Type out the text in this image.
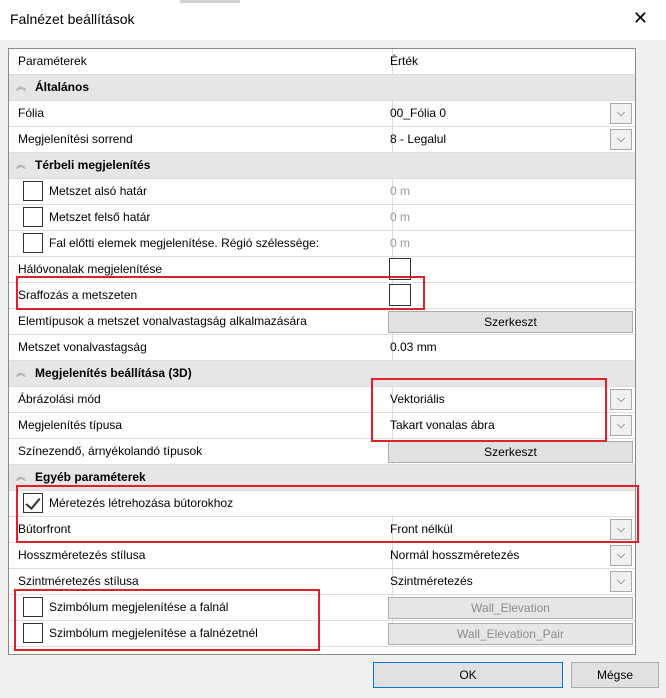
Falnézet beállítások	✕
Paraméterek	Érték
︽ Általános
Fólia	00_Fólia 0	⌵
Megjelenítési sorrend	8 - Legalul	⌵
︽ Térbeli megjelenítés
Metszet alsó határ	0 m
Metszet felső határ	0 m
Fal előtti elemek megjelenítése. Régió szélessége:	0 m
Hálóvonalak megjelenítése
Sraffozás a metszeten
Elemtípusok a metszet vonalvastagság alkalmazására	Szerkeszt
Metszet vonalvastagság	0.03 mm
︽ Megjelenítés beállítása (3D)
Ábrázolási mód	Vektoriális	⌵
Megjelenítés típusa	Takart vonalas ábra	⌵
Színezendő, árnyékolandó típusok	Szerkeszt
︽ Egyéb paraméterek
Méretezés létrehozása bútorokhoz
Bútorfront	Front nélkül	⌵
Hosszméretezés stílusa	Normál hosszméretezés	⌵
Szintméretezés stílusa	Szintméretezés	⌵
Szimbólum megjelenítése a falnál	Wall_Elevation
Szimbólum megjelenítése a falnézetnél	Wall_Elevation_Pair
OK	Mégse
